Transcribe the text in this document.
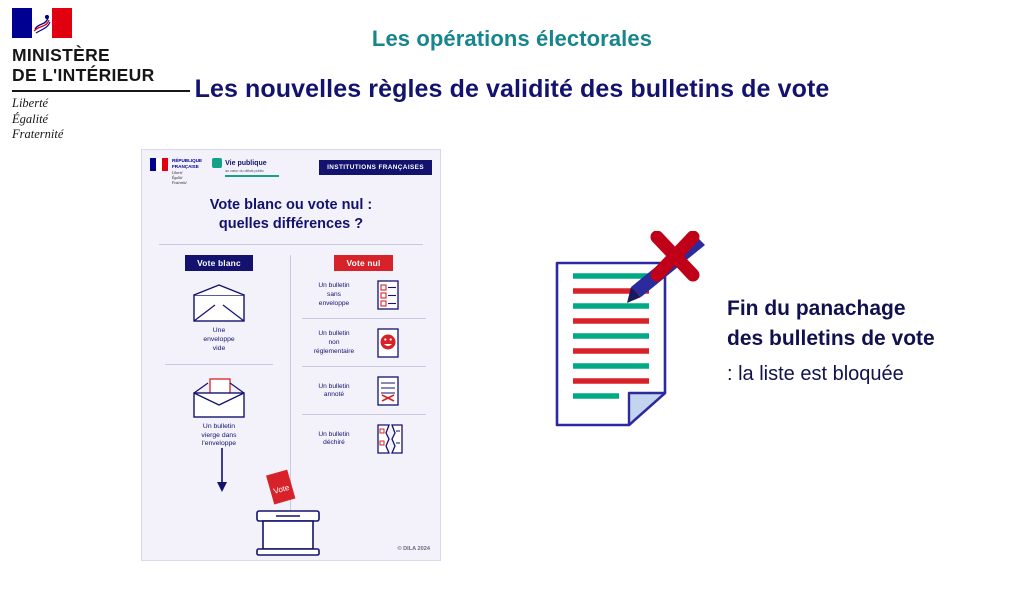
MINISTÈRE
DE L'INTÉRIEUR
Liberté
Égalité
Fraternité
Les opérations électorales
Les nouvelles règles de validité des bulletins de vote
RÉPUBLIQUE
FRANÇAISE
Liberté
Égalité
Fraternité
Vie publique
au cœur du débat public	INSTITUTIONS FRANÇAISES
Vote blanc ou vote nul :
quelles différences ?
Vote blanc
Une
enveloppe
vide
Un bulletin
vierge dans
l'enveloppe
Vote nul
Un bulletin
sans
enveloppe
Un bulletin
non
réglementaire
Un bulletin
annoté
Un bulletin
déchiré
Vote
© DILA 2024
Fin du panachage
des bulletins de vote
: la liste est bloquée
